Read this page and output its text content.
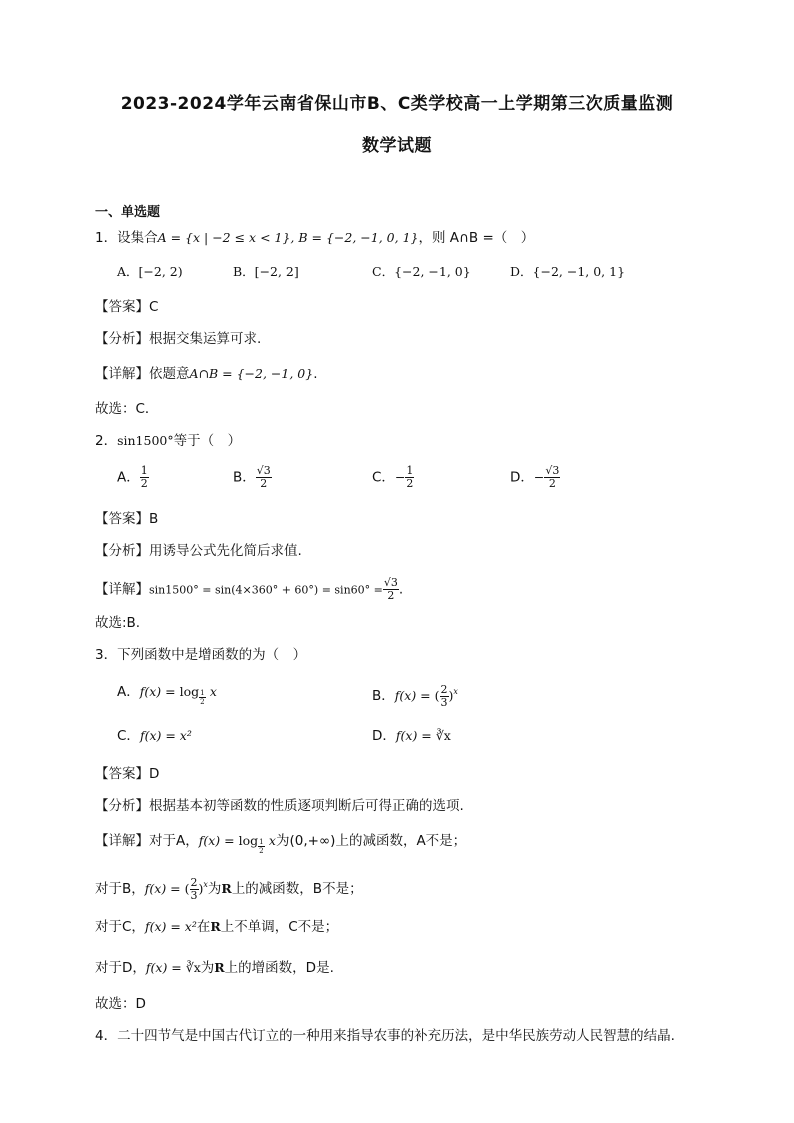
2023-2024学年云南省保山市B、C类学校高一上学期第三次质量监测
数学试题
一、单选题
1．设集合A = {x | −2 ≤ x < 1}, B = {−2, −1, 0, 1}，则 A∩B =（　）
A．[−2, 2)	B．[−2, 2]	C．{−2, −1, 0}	D．{−2, −1, 0, 1}
【答案】C
【分析】根据交集运算可求.
【详解】依题意A∩B = {−2, −1, 0}.
故选：C．
2．sin1500°等于（　）
A． $\frac{1}{2}$	B． $\frac{√3}{2}$	C．− $\frac{1}{2}$	D．− $\frac{√3}{2}$
【答案】B
【分析】用诱导公式先化简后求值.
【详解】$\sin 1500^\circ = \sin(4\times 360^\circ + 60^\circ) = \sin 60^\circ = \frac{√3}{2}$ .
故选:B.
3．下列函数中是增函数的为（　）
A．$f(x) = \log \frac{1}{2}$ x	B．f(x) = ( $\frac{2}{3} )^x$
C．f(x) = x²	D．f(x) = ∛x
【答案】D
【分析】根据基本初等函数的性质逐项判断后可得正确的选项.
【详解】对于A，$f(x) = \log \frac{1}{2}$ x为(0,+∞)上的减函数，A不是；
对于B，f(x) = ( $\frac{2}{3} )^x$为R上的减函数，B不是；
对于C，f(x) = x²在R上不单调，C不是；
对于D，f(x) = ∛x为R上的增函数，D是.
故选：D
4．二十四节气是中国古代订立的一种用来指导农事的补充历法，是中华民族劳动人民智慧的结晶.
